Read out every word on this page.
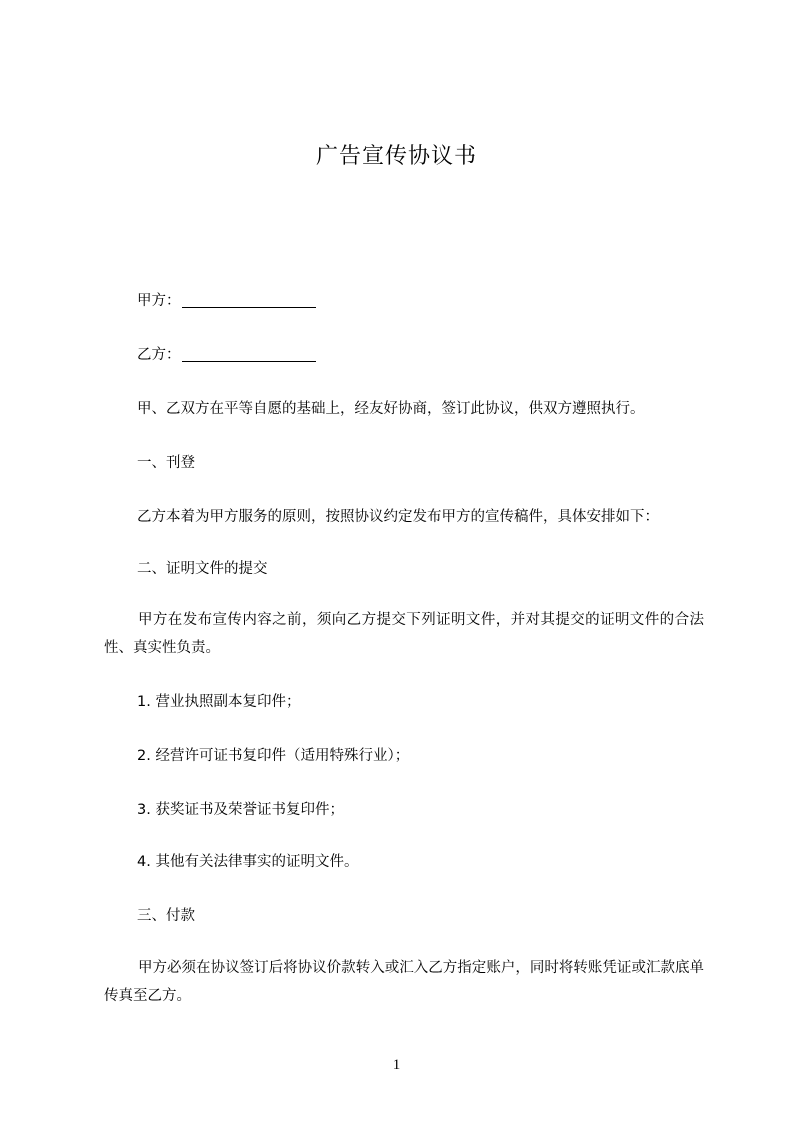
广告宣传协议书
甲方：
乙方：
甲、乙双方在平等自愿的基础上，经友好协商，签订此协议，供双方遵照执行。
一、刊登
乙方本着为甲方服务的原则，按照协议约定发布甲方的宣传稿件，具体安排如下：
二、证明文件的提交
甲方在发布宣传内容之前，须向乙方提交下列证明文件，并对其提交的证明文件的合法性、真实性负责。
1. 营业执照副本复印件；
2. 经营许可证书复印件（适用特殊行业）；
3. 获奖证书及荣誉证书复印件；
4. 其他有关法律事实的证明文件。
三、付款
甲方必须在协议签订后将协议价款转入或汇入乙方指定账户，同时将转账凭证或汇款底单传真至乙方。
1
